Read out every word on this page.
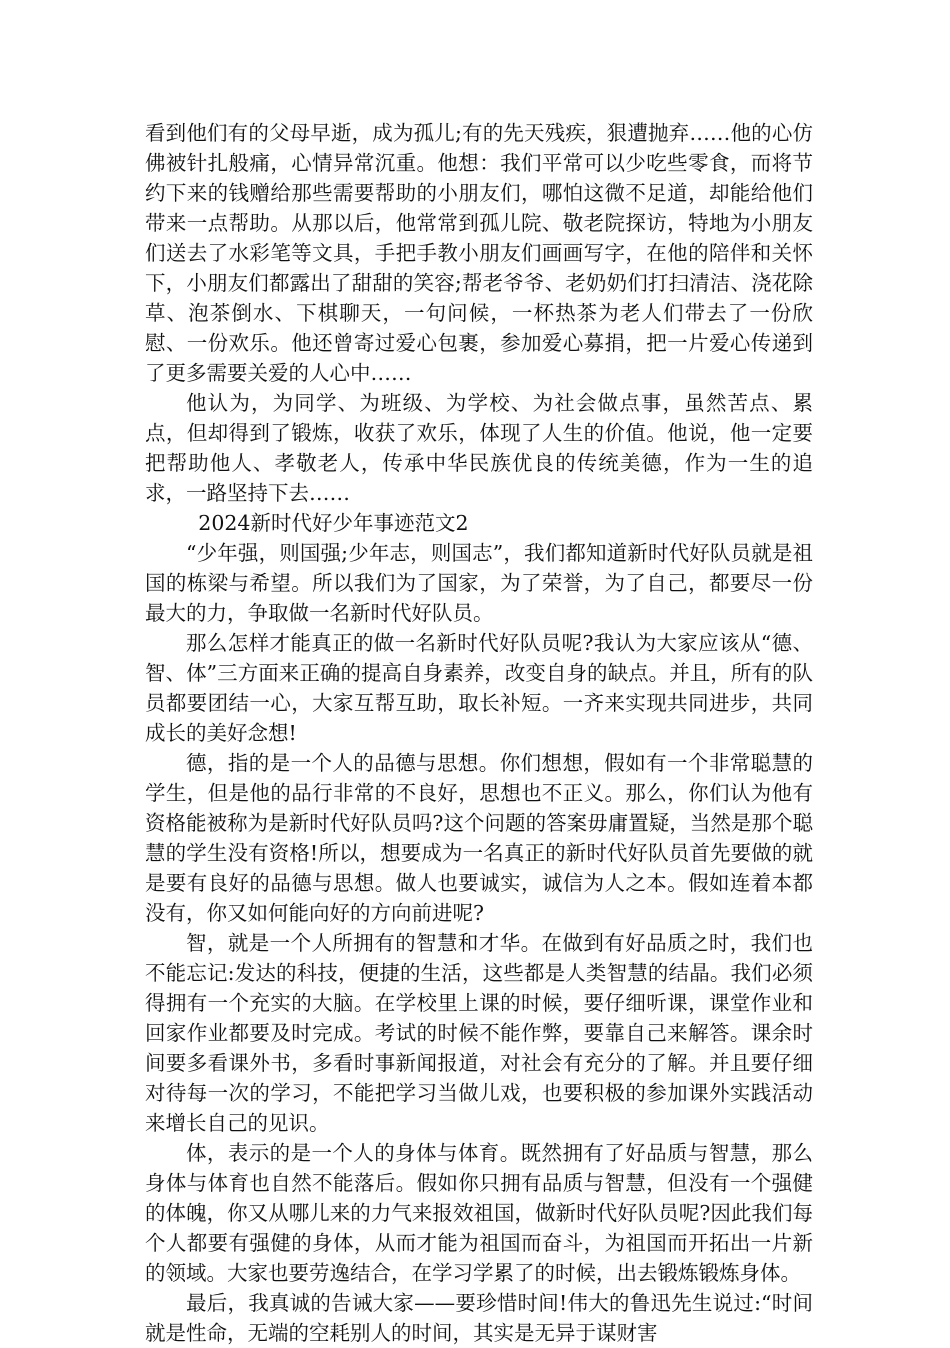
看到他们有的父母早逝，成为孤儿;有的先天残疾，狠遭抛弃……他的心仿佛被针扎般痛，心情异常沉重。他想：我们平常可以少吃些零食，而将节约下来的钱赠给那些需要帮助的小朋友们，哪怕这微不足道，却能给他们带来一点帮助。从那以后，他常常到孤儿院、敬老院探访，特地为小朋友们送去了水彩笔等文具，手把手教小朋友们画画写字，在他的陪伴和关怀下，小朋友们都露出了甜甜的笑容;帮老爷爷、老奶奶们打扫清洁、浇花除草、泡茶倒水、下棋聊天，一句问候，一杯热茶为老人们带去了一份欣慰、一份欢乐。他还曾寄过爱心包裹，参加爱心募捐，把一片爱心传递到了更多需要关爱的人心中……

他认为，为同学、为班级、为学校、为社会做点事，虽然苦点、累点，但却得到了锻炼，收获了欢乐，体现了人生的价值。他说，他一定要把帮助他人、孝敬老人，传承中华民族优良的传统美德，作为一生的追求，一路坚持下去……

2024新时代好少年事迹范文2

“少年强，则国强;少年志，则国志”，我们都知道新时代好队员就是祖国的栋梁与希望。所以我们为了国家，为了荣誉，为了自己，都要尽一份最大的力，争取做一名新时代好队员。

那么怎样才能真正的做一名新时代好队员呢?我认为大家应该从“德、智、体”三方面来正确的提高自身素养，改变自身的缺点。并且，所有的队员都要团结一心，大家互帮互助，取长补短。一齐来实现共同进步，共同成长的美好念想!

德，指的是一个人的品德与思想。你们想想，假如有一个非常聪慧的学生，但是他的品行非常的不良好，思想也不正义。那么，你们认为他有资格能被称为是新时代好队员吗?这个问题的答案毋庸置疑，当然是那个聪慧的学生没有资格!所以，想要成为一名真正的新时代好队员首先要做的就是要有良好的品德与思想。做人也要诚实，诚信为人之本。假如连着本都没有，你又如何能向好的方向前进呢?

智，就是一个人所拥有的智慧和才华。在做到有好品质之时，我们也不能忘记:发达的科技，便捷的生活，这些都是人类智慧的结晶。我们必须得拥有一个充实的大脑。在学校里上课的时候，要仔细听课，课堂作业和回家作业都要及时完成。考试的时候不能作弊，要靠自己来解答。课余时间要多看课外书，多看时事新闻报道，对社会有充分的了解。并且要仔细对待每一次的学习，不能把学习当做儿戏，也要积极的参加课外实践活动来增长自己的见识。

体，表示的是一个人的身体与体育。既然拥有了好品质与智慧，那么身体与体育也自然不能落后。假如你只拥有品质与智慧，但没有一个强健的体魄，你又从哪儿来的力气来报效祖国，做新时代好队员呢?因此我们每个人都要有强健的身体，从而才能为祖国而奋斗，为祖国而开拓出一片新的领域。大家也要劳逸结合，在学习学累了的时候，出去锻炼锻炼身体。

最后，我真诚的告诫大家——要珍惜时间!伟大的鲁迅先生说过:“时间就是性命，无端的空耗别人的时间，其实是无异于谋财害
